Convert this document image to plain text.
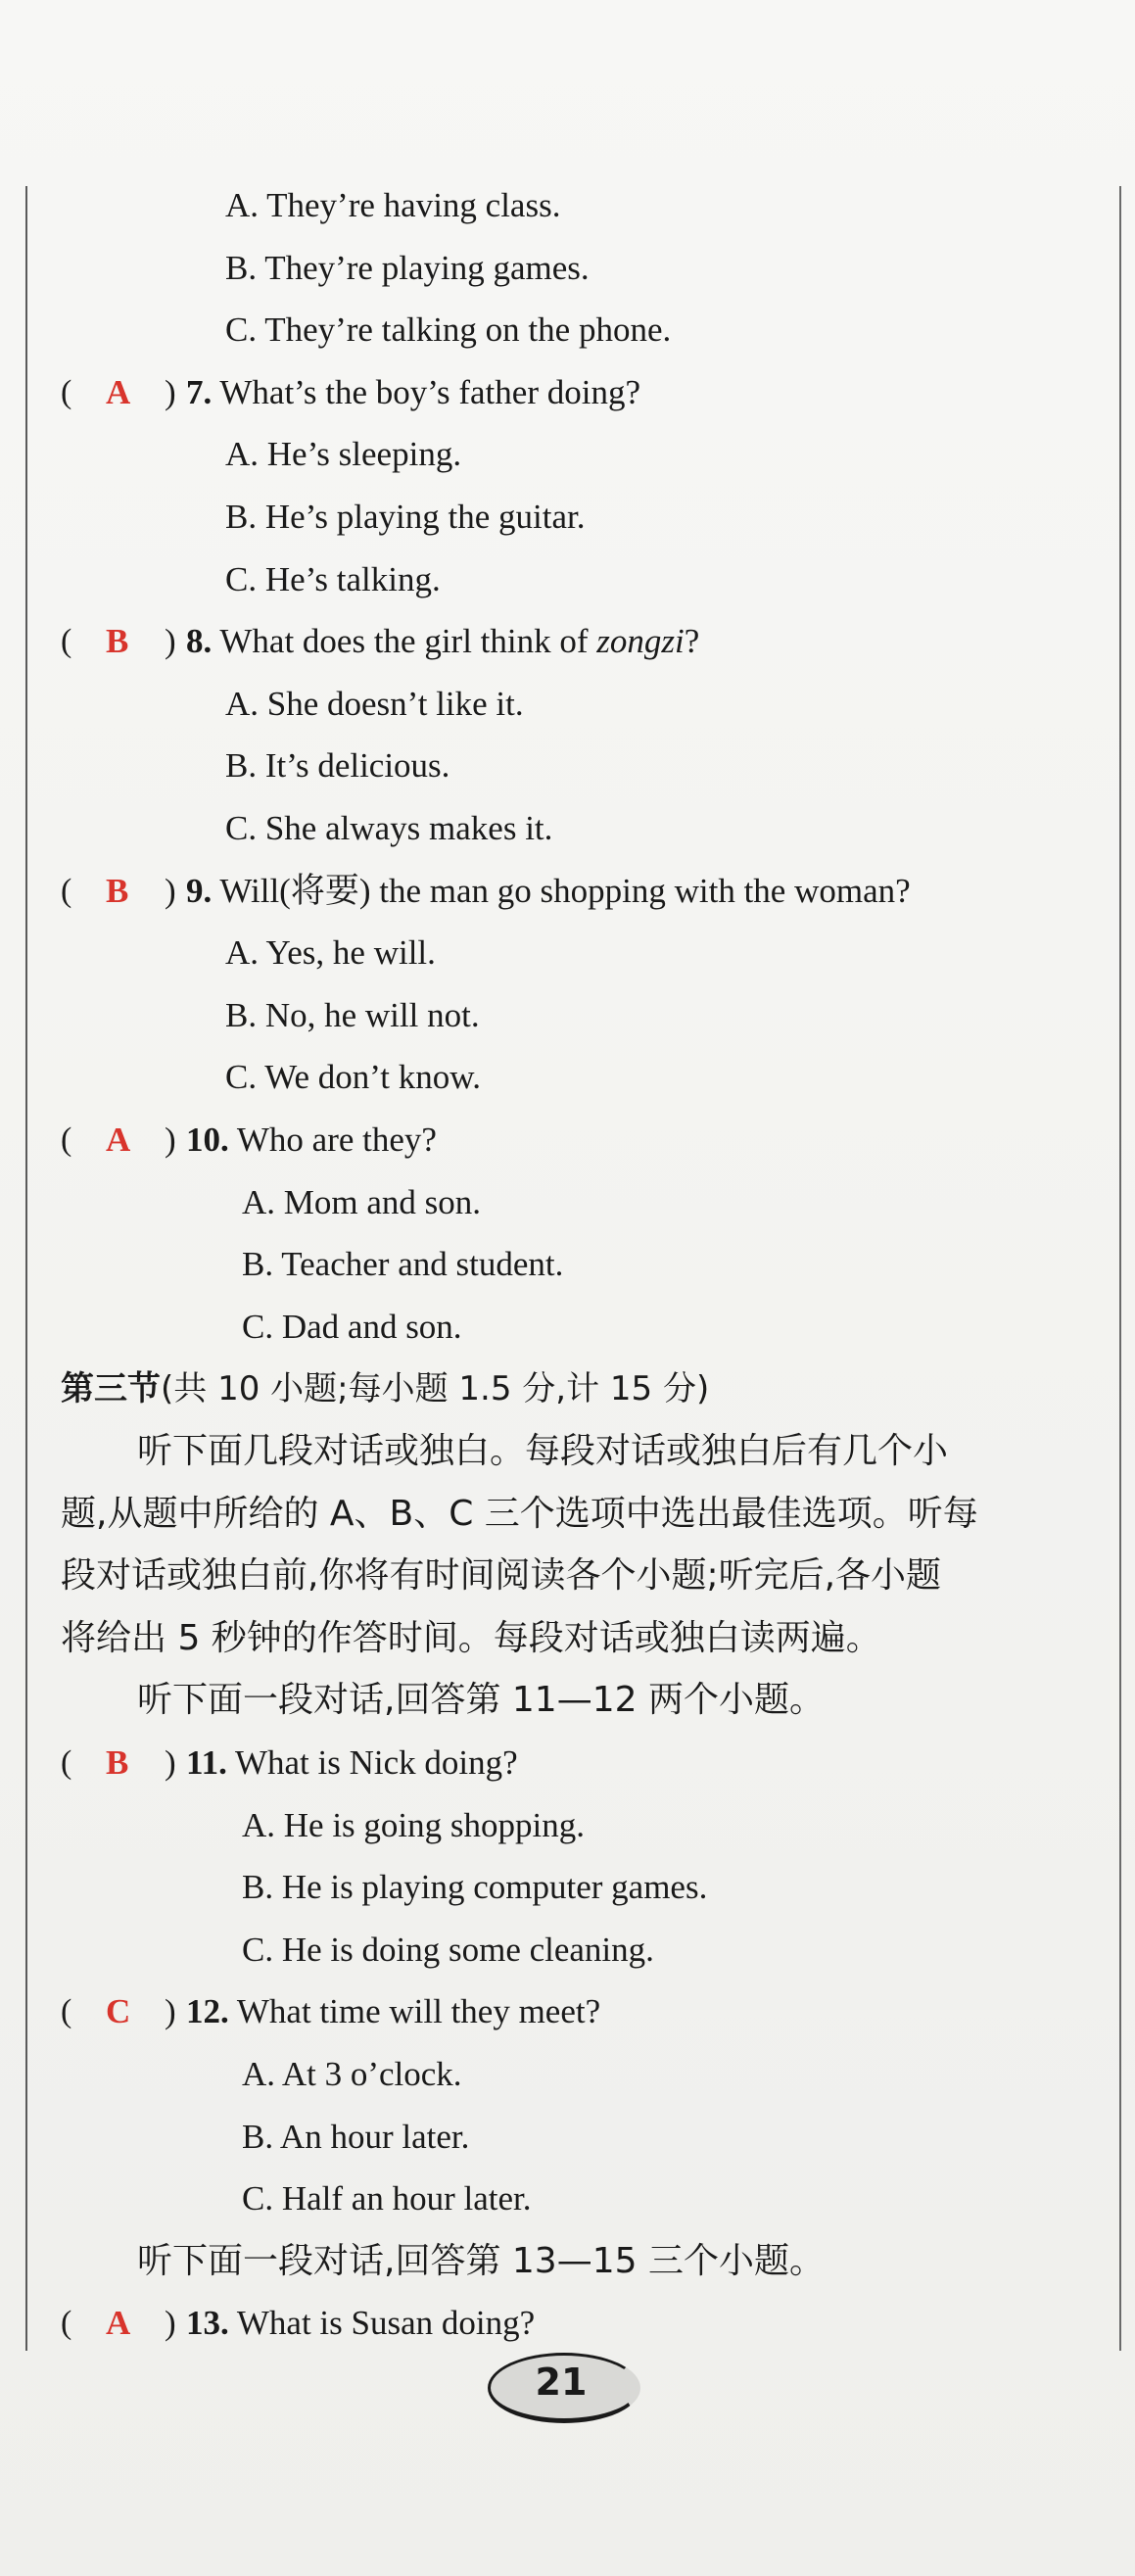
A. They’re having class.
B. They’re playing games.
C. They’re talking on the phone.
( A ) 7. What’s the boy’s father doing?
A. He’s sleeping.
B. He’s playing the guitar.
C. He’s talking.
( B ) 8. What does the girl think of zongzi?
A. She doesn’t like it.
B. It’s delicious.
C. She always makes it.
( B ) 9. Will(将要) the man go shopping with the woman?
A. Yes, he will.
B. No, he will not.
C. We don’t know.
( A ) 10. Who are they?
A. Mom and son.
B. Teacher and student.
C. Dad and son.
第三节(共 10 小题;每小题 1.5 分,计 15 分)
听下面几段对话或独白。每段对话或独白后有几个小
题,从题中所给的 A、B、C 三个选项中选出最佳选项。听每
段对话或独白前,你将有时间阅读各个小题;听完后,各小题
将给出 5 秒钟的作答时间。每段对话或独白读两遍。
听下面一段对话,回答第 11—12 两个小题。
( B ) 11. What is Nick doing?
A. He is going shopping.
B. He is playing computer games.
C. He is doing some cleaning.
( C ) 12. What time will they meet?
A. At 3 o’clock.
B. An hour later.
C. Half an hour later.
听下面一段对话,回答第 13—15 三个小题。
( A ) 13. What is Susan doing?
21
